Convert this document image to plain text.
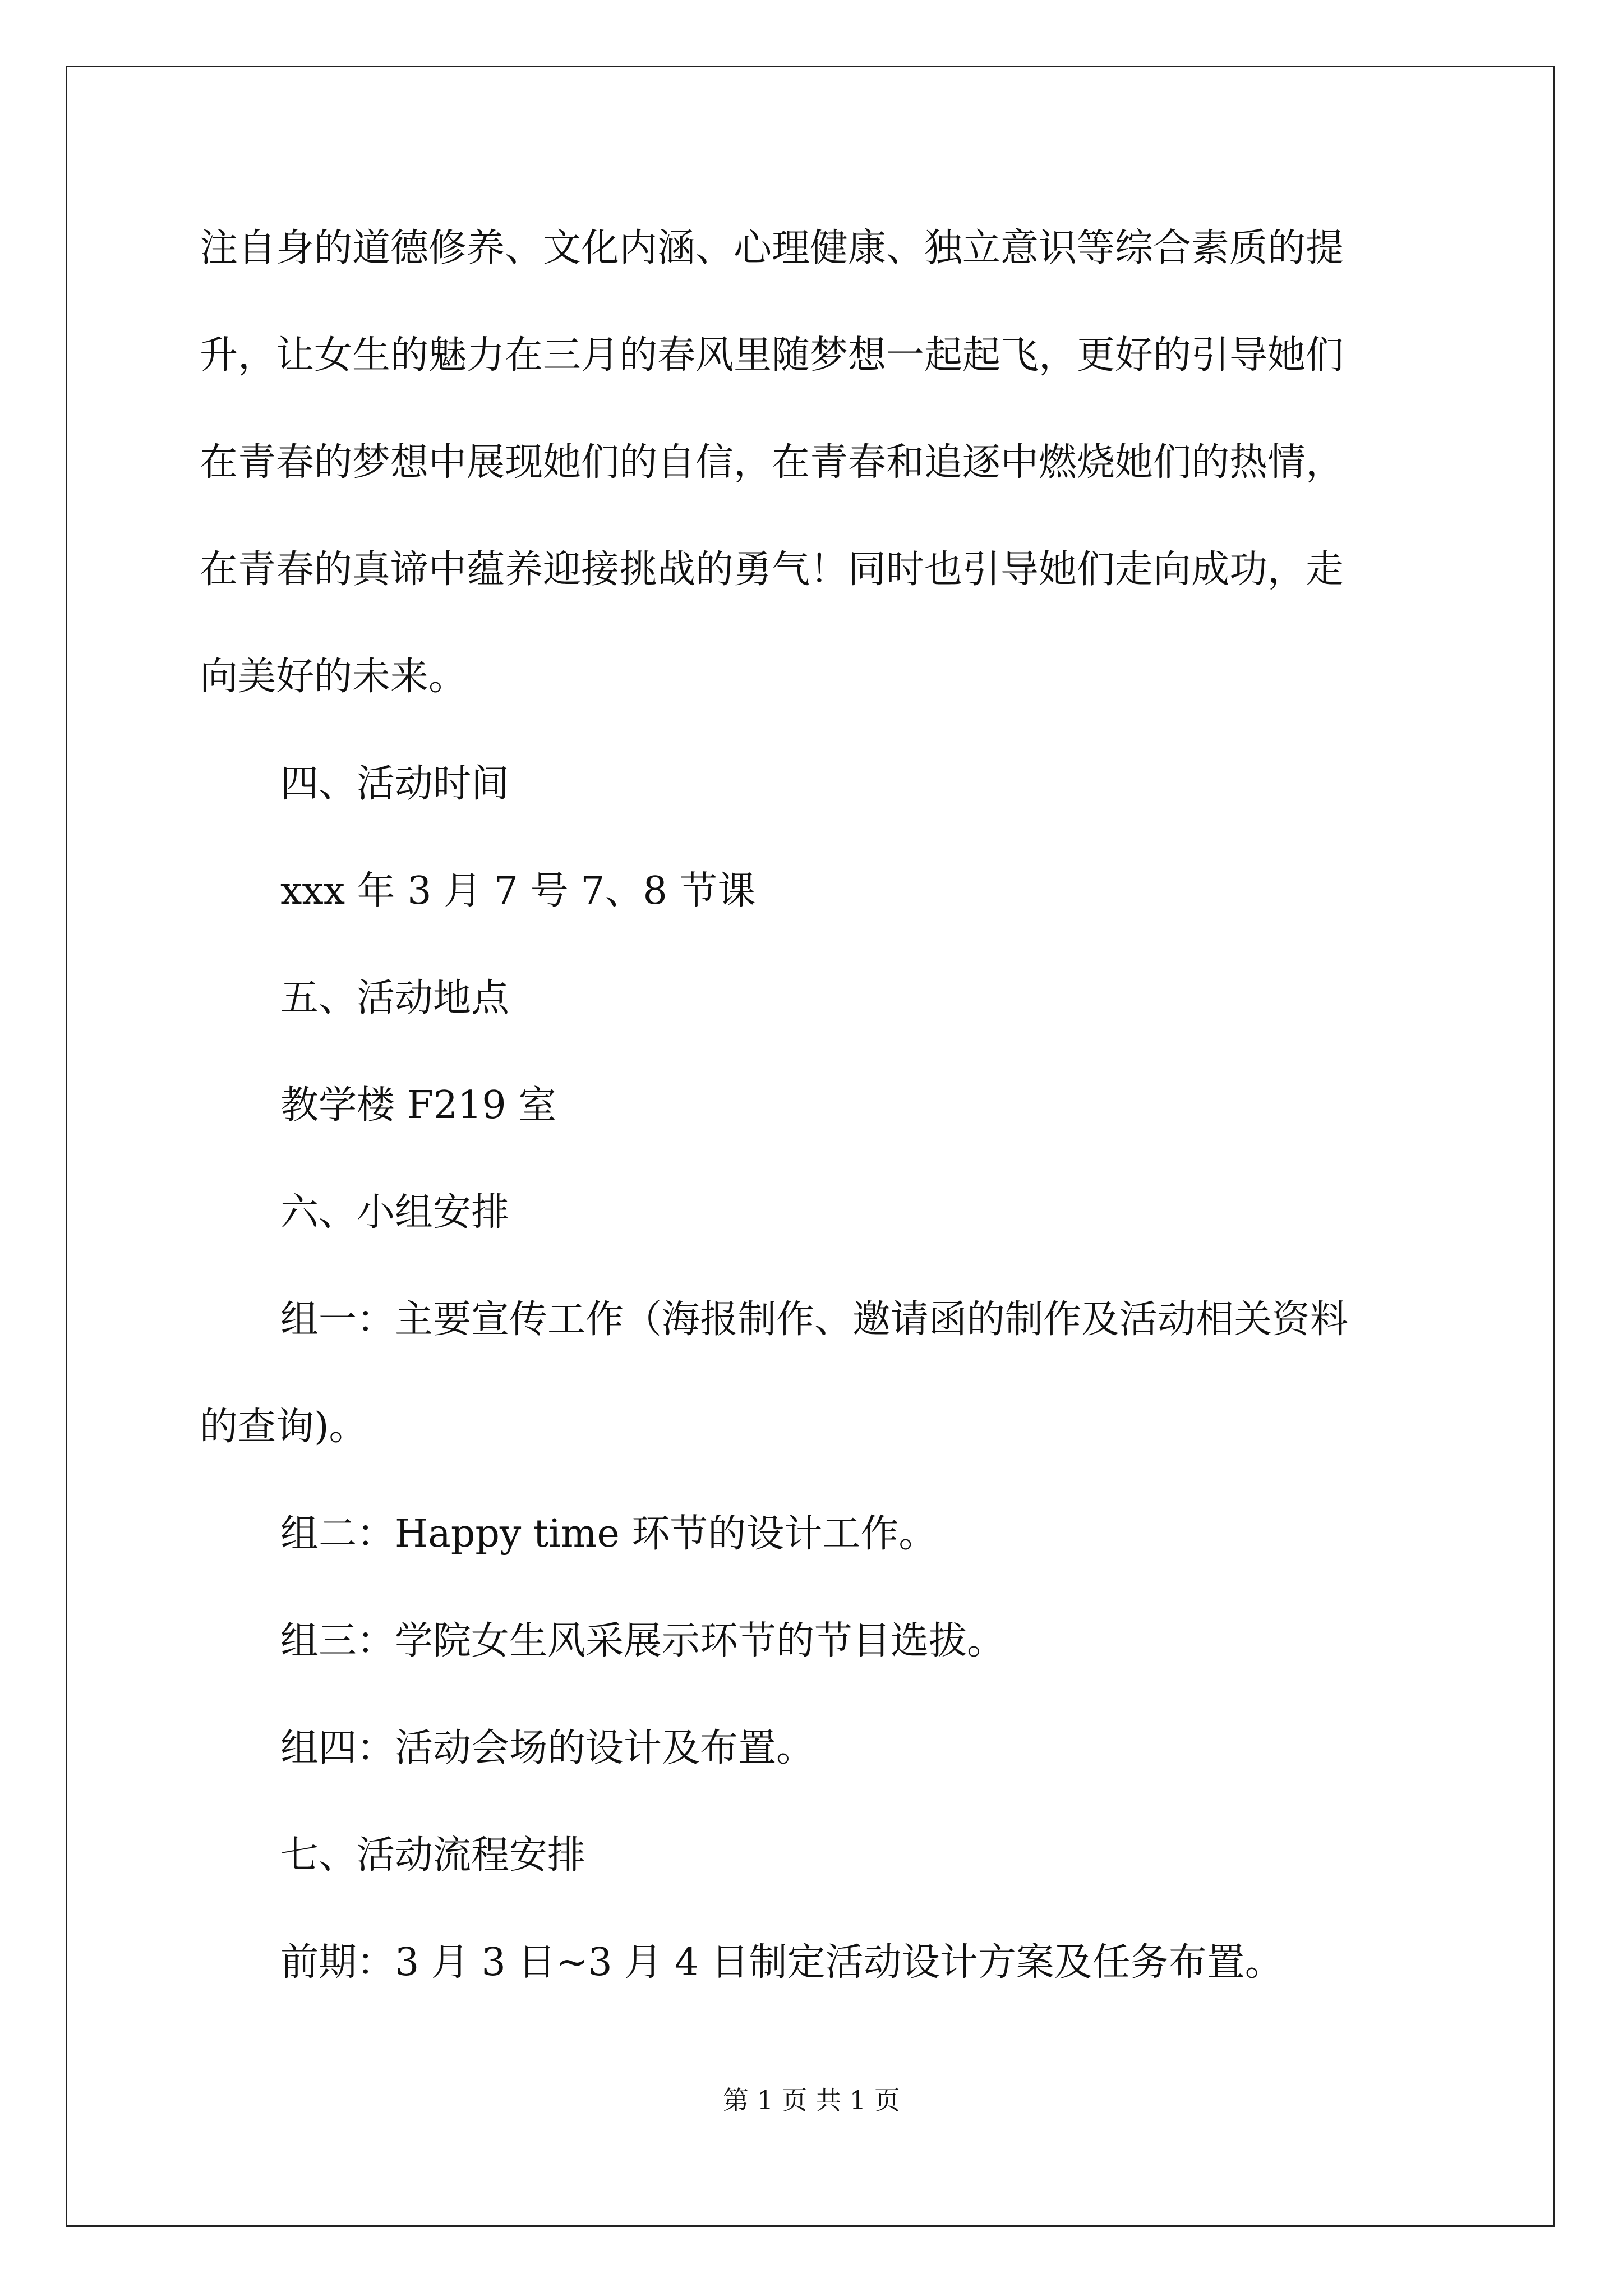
注自身的道德修养、文化内涵、心理健康、独立意识等综合素质的提
升，让女生的魅力在三月的春风里随梦想一起起飞，更好的引导她们
在青春的梦想中展现她们的自信，在青春和追逐中燃烧她们的热情，
在青春的真谛中蕴养迎接挑战的勇气！同时也引导她们走向成功，走
向美好的未来。
四、活动时间
xxx 年 3 月 7 号 7、8 节课
五、活动地点
教学楼 F219 室
六、小组安排
组一：主要宣传工作（海报制作、邀请函的制作及活动相关资料
的查询)。
组二：Happy time 环节的设计工作。
组三：学院女生风采展示环节的节目选拔。
组四：活动会场的设计及布置。
七、活动流程安排
前期：3 月 3 日~3 月 4 日制定活动设计方案及任务布置。
第 1 页 共 1 页
